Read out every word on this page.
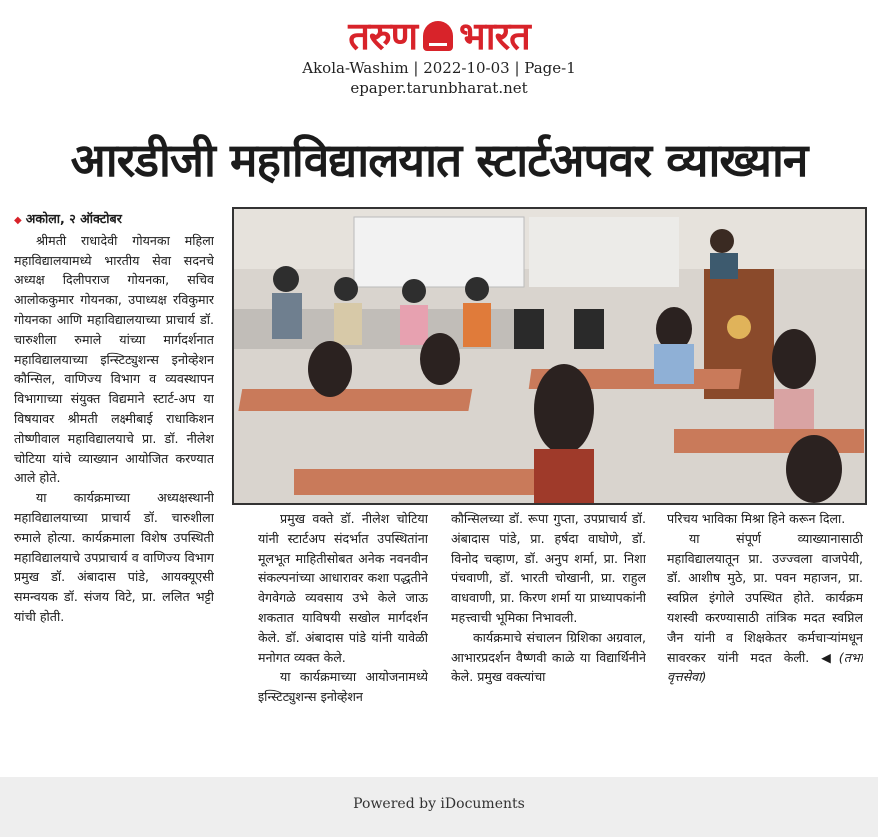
तरुण भारत
Akola-Washim | 2022-10-03 | Page-1
epaper.tarunbharat.net
आरडीजी महाविद्यालयात स्टार्टअपवर व्याख्यान
◆ अकोला, २ ऑक्टोबर

श्रीमती राधादेवी गोयनका महिला महाविद्यालयामध्ये भारतीय सेवा सदनचे अध्यक्ष दिलीपराज गोयनका, सचिव आलोककुमार गोयनका, उपाध्यक्ष रविकुमार गोयनका आणि महाविद्यालयाच्या प्राचार्य डॉ. चारुशीला रुमाले यांच्या मार्गदर्शनात महाविद्यालयाच्या इन्स्टिट्युशन्स इनोव्हेशन कौन्सिल, वाणिज्य विभाग व व्यवस्थापन विभागाच्या संयुक्त विद्यमाने स्टार्ट-अप या विषयावर श्रीमती लक्ष्मीबाई राधाकिशन तोष्णीवाल महाविद्यालयाचे प्रा. डॉ. नीलेश चोटिया यांचे व्याख्यान आयोजित करण्यात आले होते.

या कार्यक्रमाच्या अध्यक्षस्थानी महाविद्यालयाच्या प्राचार्य डॉ. चारुशीला रुमाले होत्या. कार्यक्रमाला विशेष उपस्थिती महाविद्यालयाचे उपप्राचार्य व वाणिज्य विभाग प्रमुख डॉ. अंबादास पांडे, आयक्यूएसी समन्वयक डॉ. संजय विटे, प्रा. ललित भट्टी यांची होती.

प्रमुख वक्ते डॉ. नीलेश चोटिया यांनी स्टार्टअप संदर्भात उपस्थितांना मूलभूत माहितीसोबत अनेक नवनवीन संकल्पनांच्या आधारावर कशा पद्धतीने वेगवेगळे व्यवसाय उभे केले जाऊ शकतात याविषयी सखोल मार्गदर्शन केले. डॉ. अंबादास पांडे यांनी यावेळी मनोगत व्यक्त केले.

या कार्यक्रमाच्या आयोजनामध्ये इन्स्टिट्युशन्स इनोव्हेशन

कौन्सिलच्या डॉ. रूपा गुप्ता, उपप्राचार्य डॉ. अंबादास पांडे, प्रा. हर्षदा वाघोणे, डॉ. विनोद चव्हाण, डॉ. अनुप शर्मा, प्रा. निशा पंचवाणी, डॉ. भारती चोखानी, प्रा. राहुल वाधवाणी, प्रा. किरण शर्मा या प्राध्यापकांनी महत्त्वाची भूमिका निभावली.

कार्यक्रमाचे संचालन ग्रिशिका अग्रवाल, आभारप्रदर्शन वैष्णवी काळे या विद्यार्थिनीने केले. प्रमुख वक्त्यांचा

परिचय भाविका मिश्रा हिने करून दिला.

या संपूर्ण व्याख्यानासाठी महाविद्यालयातून प्रा. उज्ज्वला वाजपेयी, डॉ. आशीष मुठे, प्रा. पवन महाजन, प्रा. स्वप्निल इंगोले उपस्थित होते. कार्यक्रम यशस्वी करण्यासाठी तांत्रिक मदत स्वप्निल जैन यांनी व शिक्षकेतर कर्मचाऱ्यांमधून सावरकर यांनी मदत केली. ◀(तभा वृत्तसेवा)

Powered by iDocuments
